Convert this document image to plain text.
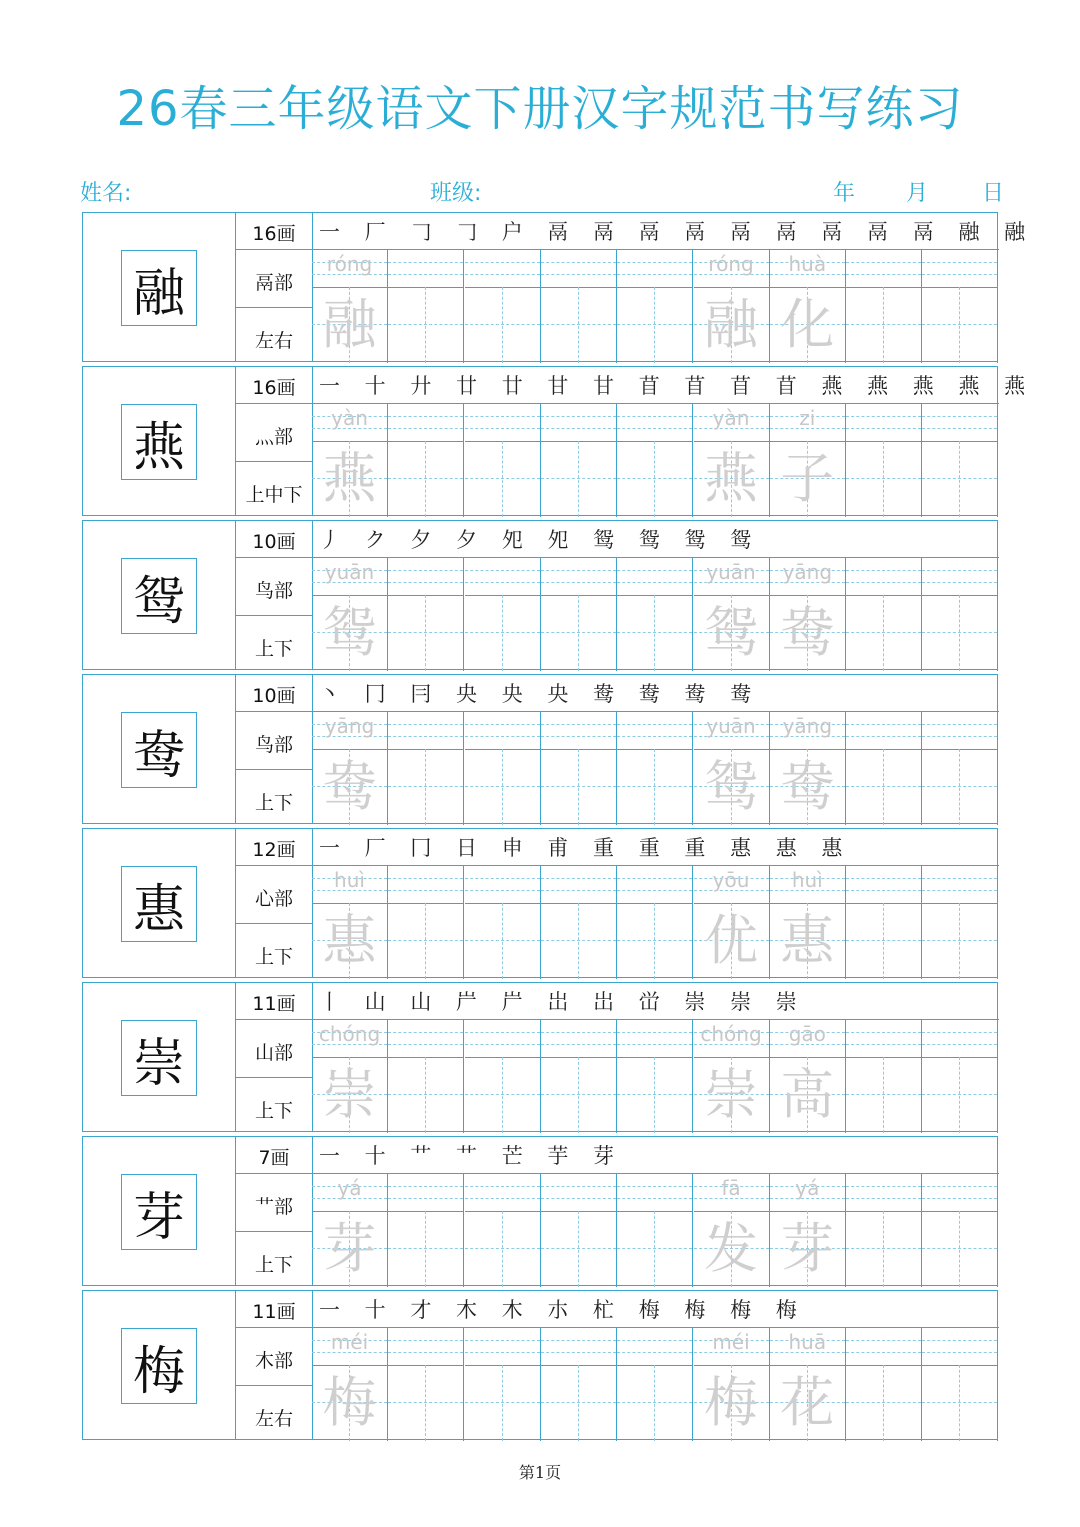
26春三年级语文下册汉字规范书写练习
姓名:	班级:	年 月 日
融
16画
鬲部
左右
一 厂 𠃌 𠃌 户 鬲 鬲 鬲 鬲 鬲 鬲 鬲 鬲 鬲 融 融
róng
融
róng
融
huà
化
燕
16画
灬部
上中下
一 十 廾 廿 廿 甘 甘 苜 苜 苜 苜 燕 燕 燕 燕 燕
yàn
燕
yàn
燕
zi
子
鸳
10画
鸟部
上下
丿 ク 夕 夕 夗 夗 鸳 鸳 鸳 鸳
yuān
鸳
yuān
鸳
yāng
鸯
鸯
10画
鸟部
上下
丶 冂 冃 央 央 央 鸯 鸯 鸯 鸯
yāng
鸯
yuān
鸳
yāng
鸯
惠
12画
心部
上下
一 厂 冂 日 申 甫 重 重 重 惠 惠 惠
huì
惠
yōu
优
huì
惠
崇
11画
山部
上下
丨 山 山 屵 屵 岀 岀 峃 崇 崇 崇
chóng
崇
chóng
崇
gāo
高
芽
7画
艹部
上下
一 十 艹 艹 芒 芋 芽
yá
芽
fā
发
yá
芽
梅
11画
木部
左右
一 十 才 木 木 朩 杧 梅 梅 梅 梅
méi
梅
méi
梅
huā
花
第1页
